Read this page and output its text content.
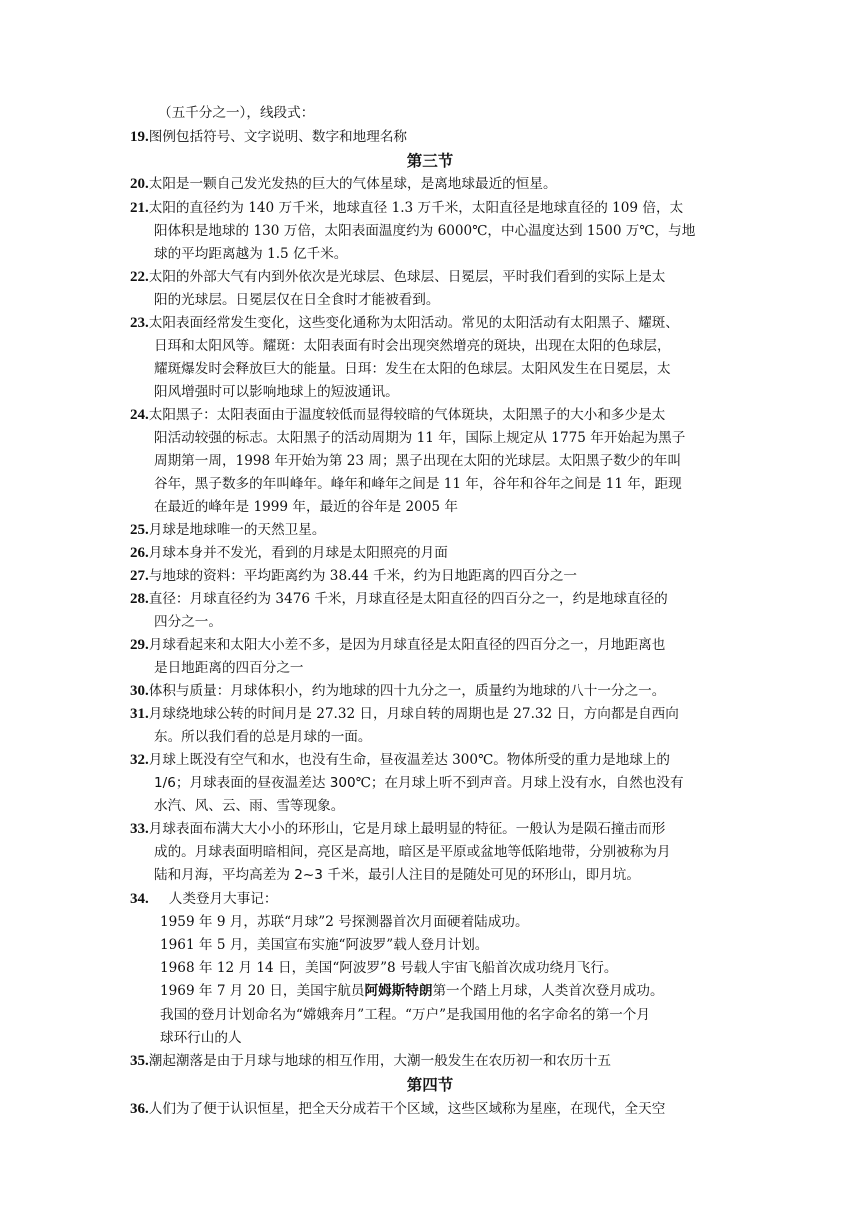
（五千分之一），线段式：
19.图例包括符号、文字说明、数字和地理名称
第三节
20.太阳是一颗自己发光发热的巨大的气体星球，是离地球最近的恒星。
21.太阳的直径约为 140 万千米，地球直径 1.3 万千米，太阳直径是地球直径的 109 倍，太
阳体积是地球的 130 万倍，太阳表面温度约为 6000℃，中心温度达到 1500 万℃，与地
球的平均距离越为 1.5 亿千米。
22.太阳的外部大气有内到外依次是光球层、色球层、日冕层，平时我们看到的实际上是太
阳的光球层。日冕层仅在日全食时才能被看到。
23.太阳表面经常发生变化，这些变化通称为太阳活动。常见的太阳活动有太阳黑子、耀斑、
日珥和太阳风等。耀斑：太阳表面有时会出现突然增亮的斑块，出现在太阳的色球层，
耀斑爆发时会释放巨大的能量。日珥：发生在太阳的色球层。太阳风发生在日冕层，太
阳风增强时可以影响地球上的短波通讯。
24.太阳黑子：太阳表面由于温度较低而显得较暗的气体斑块，太阳黑子的大小和多少是太
阳活动较强的标志。太阳黑子的活动周期为 11 年，国际上规定从 1775 年开始起为黑子
周期第一周，1998 年开始为第 23 周；黑子出现在太阳的光球层。太阳黑子数少的年叫
谷年，黑子数多的年叫峰年。峰年和峰年之间是 11 年，谷年和谷年之间是 11 年，距现
在最近的峰年是 1999 年，最近的谷年是 2005 年
25.月球是地球唯一的天然卫星。
26.月球本身并不发光，看到的月球是太阳照亮的月面
27.与地球的资料：平均距离约为 38.44 千米，约为日地距离的四百分之一
28.直径：月球直径约为 3476 千米，月球直径是太阳直径的四百分之一，约是地球直径的
四分之一。
29.月球看起来和太阳大小差不多，是因为月球直径是太阳直径的四百分之一，月地距离也
是日地距离的四百分之一
30.体积与质量：月球体积小，约为地球的四十九分之一，质量约为地球的八十一分之一。
31.月球绕地球公转的时间月是 27.32 日，月球自转的周期也是 27.32 日，方向都是自西向
东。所以我们看的总是月球的一面。
32.月球上既没有空气和水，也没有生命，昼夜温差达 300℃。物体所受的重力是地球上的
1/6；月球表面的昼夜温差达 300℃；在月球上听不到声音。月球上没有水，自然也没有
水汽、风、云、雨、雪等现象。
33.月球表面布满大大小小的环形山，它是月球上最明显的特征。一般认为是陨石撞击而形
成的。月球表面明暗相间，亮区是高地，暗区是平原或盆地等低陷地带，分别被称为月
陆和月海，平均高差为 2~3 千米，最引人注目的是随处可见的环形山，即月坑。
34. 人类登月大事记：
1959 年 9 月，苏联“月球”2 号探测器首次月面硬着陆成功。
1961 年 5 月，美国宣布实施“阿波罗”载人登月计划。
1968 年 12 月 14 日，美国“阿波罗”8 号载人宇宙飞船首次成功绕月飞行。
1969 年 7 月 20 日，美国宇航员阿姆斯特朗第一个踏上月球，人类首次登月成功。
我国的登月计划命名为“嫦娥奔月”工程。“万户”是我国用他的名字命名的第一个月
球环行山的人
35.潮起潮落是由于月球与地球的相互作用，大潮一般发生在农历初一和农历十五
第四节
36.人们为了便于认识恒星，把全天分成若干个区域，这些区域称为星座，在现代，全天空
